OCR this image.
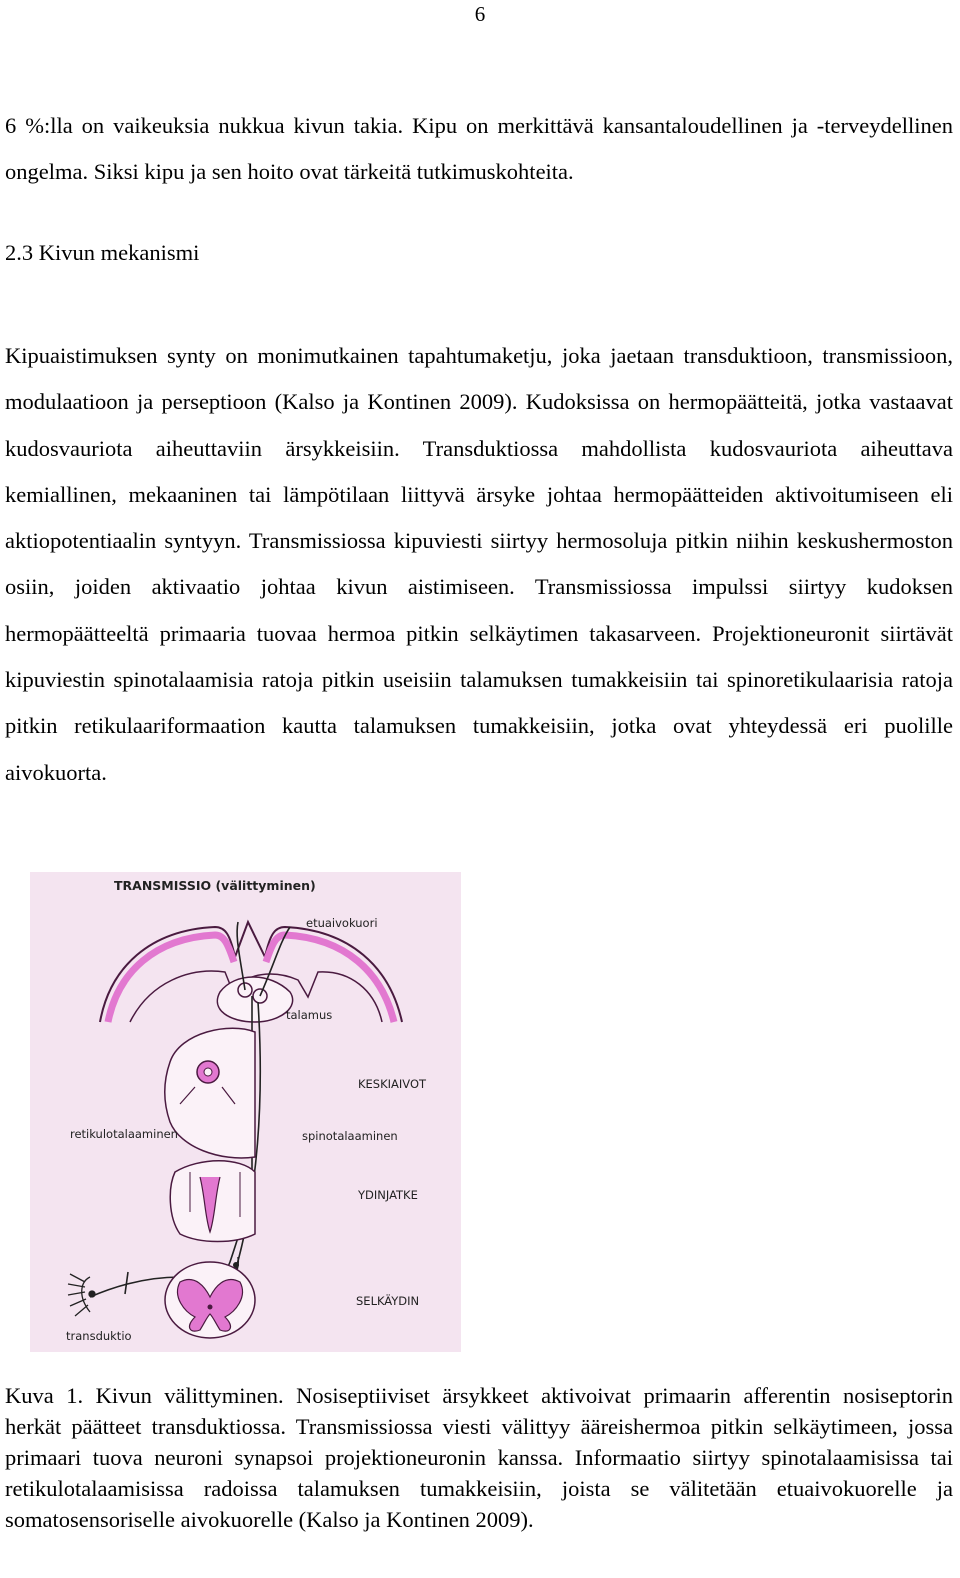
6

6 %:lla on vaikeuksia nukkua kivun takia. Kipu on merkittävä kansantaloudellinen ja -terveydellinen ongelma. Siksi kipu ja sen hoito ovat tärkeitä tutkimuskohteita.

2.3 Kivun mekanismi

Kipuaistimuksen synty on monimutkainen tapahtumaketju, joka jaetaan transduktioon, transmissioon, modulaatioon ja perseptioon (Kalso ja Kontinen 2009). Kudoksissa on hermopäätteitä, jotka vastaavat kudosvauriota aiheuttaviin ärsykkeisiin. Transduktiossa mahdollista kudosvauriota aiheuttava kemiallinen, mekaaninen tai lämpötilaan liittyvä ärsyke johtaa hermopäätteiden aktivoitumiseen eli aktiopotentiaalin syntyyn. Transmissiossa kipuviesti siirtyy hermosoluja pitkin niihin keskushermoston osiin, joiden aktivaatio johtaa kivun aistimiseen. Transmissiossa impulssi siirtyy kudoksen hermopäätteeltä primaaria tuovaa hermoa pitkin selkäytimen takasarveen. Projektioneuronit siirtävät kipuviestin spinotalaamisia ratoja pitkin useisiin talamuksen tumakkeisiin tai spinoretikulaarisia ratoja pitkin retikulaariformaation kautta talamuksen tumakkeisiin, jotka ovat yhteydessä eri puolille aivokuorta.

TRANSMISSIO (välittyminen)
etuaivokuori
talamus
KESKIAIVOT
retikulotalaaminen	spinotalaaminen
YDINJATKE
SELKÄYDIN
transduktio

Kuva 1. Kivun välittyminen. Nosiseptiiviset ärsykkeet aktivoivat primaarin afferentin nosiseptorin herkät päätteet transduktiossa. Transmissiossa viesti välittyy ääreishermoa pitkin selkäytimeen, jossa primaari tuova neuroni synapsoi projektioneuronin kanssa. Informaatio siirtyy spinotalaamisissa tai retikulotalaamisissa radoissa talamuksen tumakkeisiin, joista se välitetään etuaivokuorelle ja somatosensoriselle aivokuorelle (Kalso ja Kontinen 2009).
